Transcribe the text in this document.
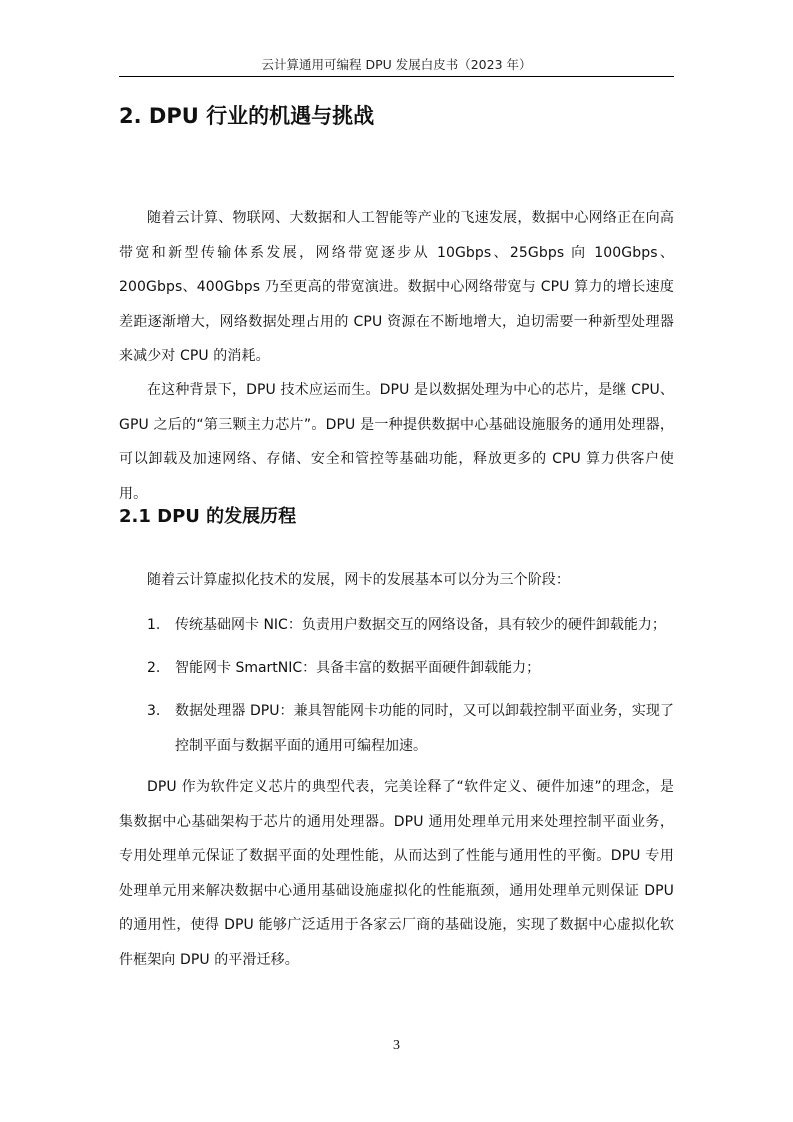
云计算通用可编程 DPU 发展白皮书（2023 年）
2. DPU 行业的机遇与挑战

随着云计算、物联网、大数据和人工智能等产业的飞速发展，数据中心网络正在向高带宽和新型传输体系发展，网络带宽逐步从 10Gbps、25Gbps 向 100Gbps、200Gbps、400Gbps 乃至更高的带宽演进。数据中心网络带宽与 CPU 算力的增长速度差距逐渐增大，网络数据处理占用的 CPU 资源在不断地增大，迫切需要一种新型处理器来减少对 CPU 的消耗。

在这种背景下，DPU 技术应运而生。DPU 是以数据处理为中心的芯片，是继 CPU、GPU 之后的“第三颗主力芯片”。DPU 是一种提供数据中心基础设施服务的通用处理器，可以卸载及加速网络、存储、安全和管控等基础功能，释放更多的 CPU 算力供客户使用。

2.1 DPU 的发展历程

随着云计算虚拟化技术的发展，网卡的发展基本可以分为三个阶段：

1. 传统基础网卡 NIC：负责用户数据交互的网络设备，具有较少的硬件卸载能力；
2. 智能网卡 SmartNIC：具备丰富的数据平面硬件卸载能力；
3. 数据处理器 DPU：兼具智能网卡功能的同时，又可以卸载控制平面业务，实现了控制平面与数据平面的通用可编程加速。

DPU 作为软件定义芯片的典型代表，完美诠释了“软件定义、硬件加速”的理念，是集数据中心基础架构于芯片的通用处理器。DPU 通用处理单元用来处理控制平面业务，专用处理单元保证了数据平面的处理性能，从而达到了性能与通用性的平衡。DPU 专用处理单元用来解决数据中心通用基础设施虚拟化的性能瓶颈，通用处理单元则保证 DPU 的通用性，使得 DPU 能够广泛适用于各家云厂商的基础设施，实现了数据中心虚拟化软件框架向 DPU 的平滑迁移。

3
